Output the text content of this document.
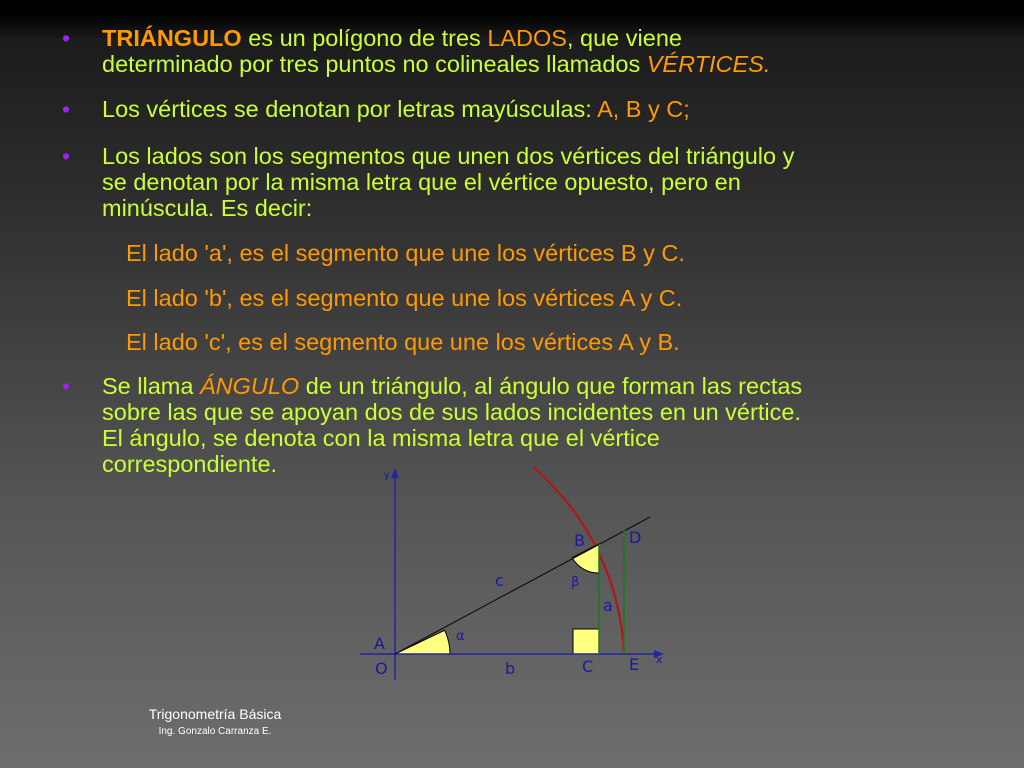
• TRIÁNGULO es un polígono de tres LADOS, que viene
determinado por tres puntos no colineales llamados VÉRTICES.
• Los vértices se denotan por letras mayúsculas: A, B y C;
• Los lados son los segmentos que unen dos vértices del triángulo y
se denotan por la misma letra que el vértice opuesto, pero en
minúscula. Es decir:
El lado 'a', es el segmento que une los vértices B y C.
El lado 'b', es el segmento que une los vértices A y C.
El lado 'c', es el segmento que une los vértices A y B.
• Se llama ÁNGULO de un triángulo, al ángulo que forman las rectas
sobre las que se apoyan dos de sus lados incidentes en un vértice.
El ángulo, se denota con la misma letra que el vértice
correspondiente.	y
x
A
O
B
C
D
E
a
b
c
α
β
Trigonometría Básica
Ing. Gonzalo Carranza E.
